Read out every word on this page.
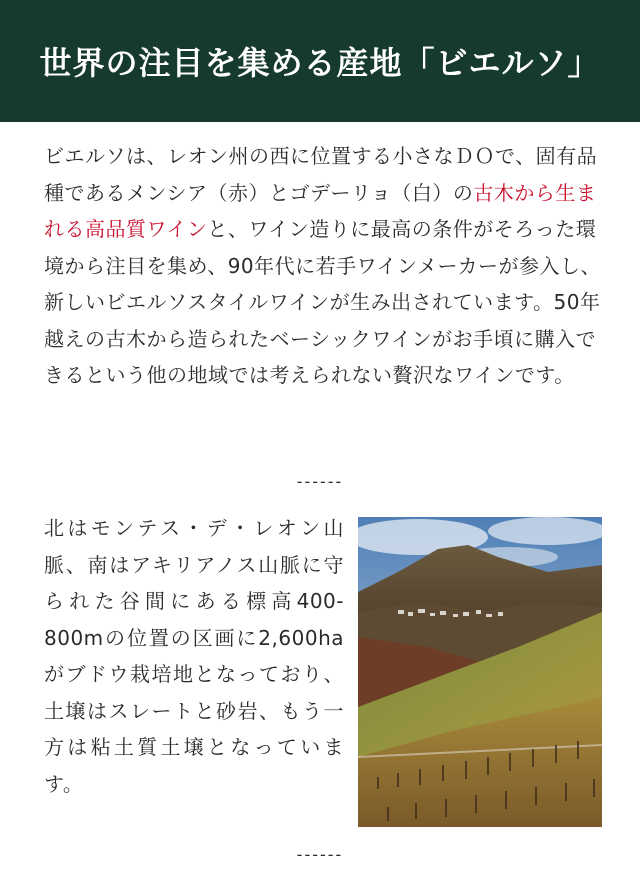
世界の注目を集める産地「ビエルソ」
ビエルソは、レオン州の西に位置する小さなＤＯで、固有品種であるメンシア（赤）とゴデーリョ（白）の古木から生まれる高品質ワインと、ワイン造りに最高の条件がそろった環境から注目を集め、90年代に若手ワインメーカーが参入し、新しいビエルソスタイルワインが生み出されています。50年越えの古木から造られたベーシックワインがお手頃に購入できるという他の地域では考えられない贅沢なワインです。
------
北はモンテス・デ・レオン山脈、南はアキリアノス山脈に守られた谷間にある標高400-800mの位置の区画に2,600haがブドウ栽培地となっており、土壌はスレートと砂岩、もう一方は粘土質土壌となっています。
------
